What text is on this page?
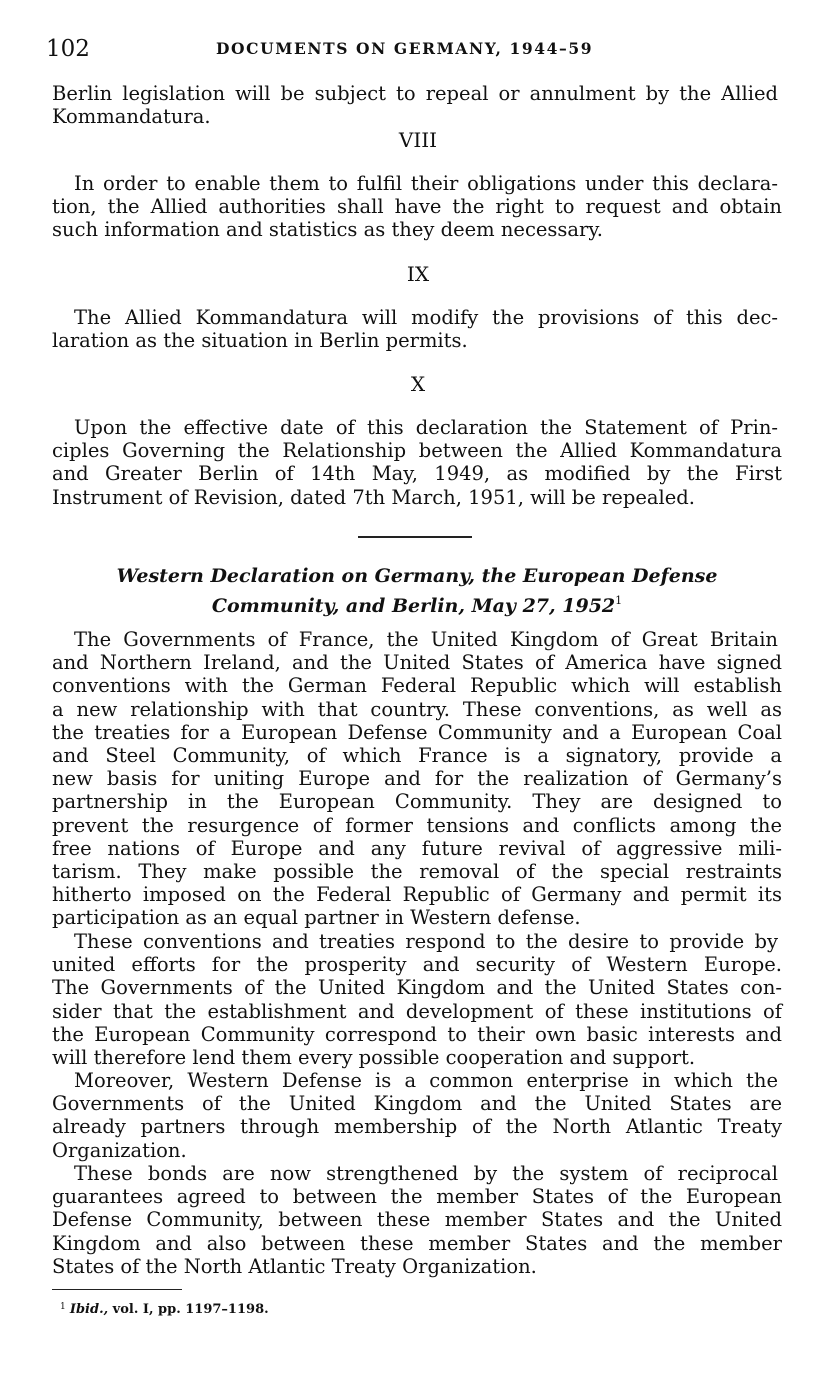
102	DOCUMENTS ON GERMANY, 1944–59
Berlin legislation will be subject to repeal or annulment by the Allied
Kommandatura.
VIII
In order to enable them to fulfil their obligations under this declara-
tion, the Allied authorities shall have the right to request and obtain
such information and statistics as they deem necessary.
IX
The Allied Kommandatura will modify the provisions of this dec-
laration as the situation in Berlin permits.
X
Upon the effective date of this declaration the Statement of Prin-
ciples Governing the Relationship between the Allied Kommandatura
and Greater Berlin of 14th May, 1949, as modified by the First
Instrument of Revision, dated 7th March, 1951, will be repealed.
Western Declaration on Germany, the European Defense
Community, and Berlin, May 27, 1952$^1$
The Governments of France, the United Kingdom of Great Britain
and Northern Ireland, and the United States of America have signed
conventions with the German Federal Republic which will establish
a new relationship with that country. These conventions, as well as
the treaties for a European Defense Community and a European Coal
and Steel Community, of which France is a signatory, provide a
new basis for uniting Europe and for the realization of Germany’s
partnership in the European Community. They are designed to
prevent the resurgence of former tensions and conflicts among the
free nations of Europe and any future revival of aggressive mili-
tarism. They make possible the removal of the special restraints
hitherto imposed on the Federal Republic of Germany and permit its
participation as an equal partner in Western defense.
These conventions and treaties respond to the desire to provide by
united efforts for the prosperity and security of Western Europe.
The Governments of the United Kingdom and the United States con-
sider that the establishment and development of these institutions of
the European Community correspond to their own basic interests and
will therefore lend them every possible cooperation and support.
Moreover, Western Defense is a common enterprise in which the
Governments of the United Kingdom and the United States are
already partners through membership of the North Atlantic Treaty
Organization.
These bonds are now strengthened by the system of reciprocal
guarantees agreed to between the member States of the European
Defense Community, between these member States and the United
Kingdom and also between these member States and the member
States of the North Atlantic Treaty Organization.
$^1$ Ibid., vol. I, pp. 1197–1198.
